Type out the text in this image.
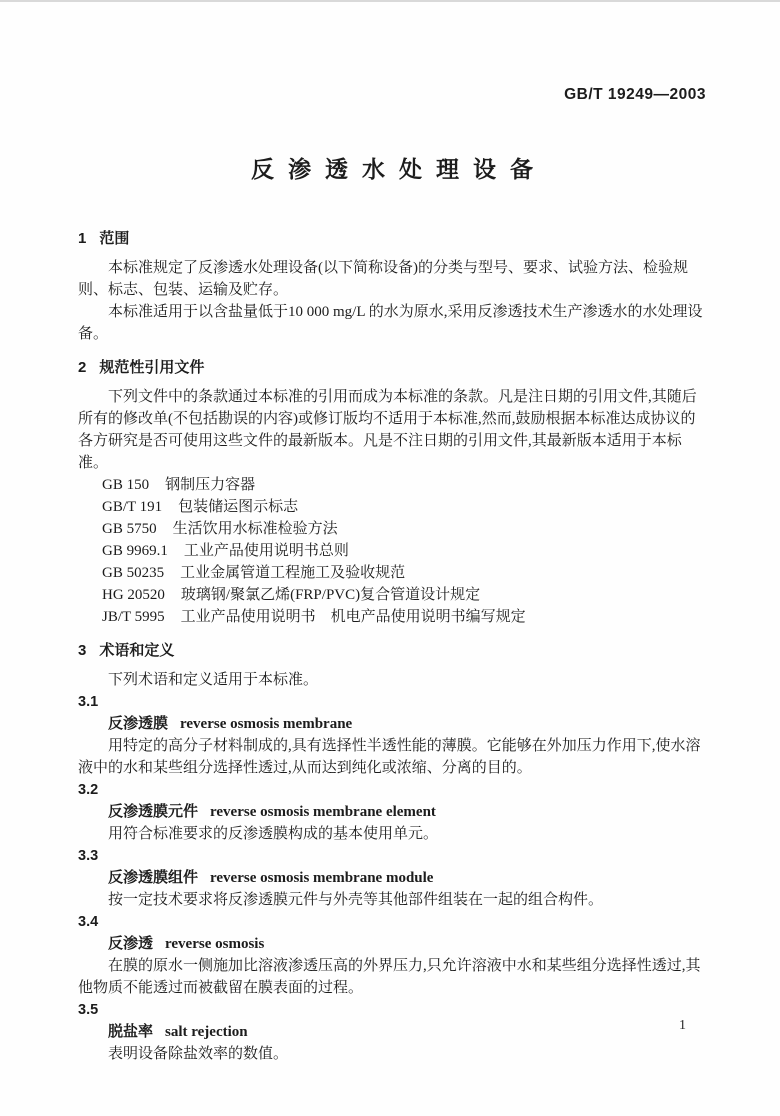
GB/T 19249—2003
反渗透水处理设备
1 范围

本标准规定了反渗透水处理设备(以下简称设备)的分类与型号、要求、试验方法、检验规则、标志、包装、运输及贮存。

本标准适用于以含盐量低于10 000 mg/L 的水为原水,采用反渗透技术生产渗透水的水处理设备。

2 规范性引用文件

下列文件中的条款通过本标准的引用而成为本标准的条款。凡是注日期的引用文件,其随后所有的修改单(不包括勘误的内容)或修订版均不适用于本标准,然而,鼓励根据本标准达成协议的各方研究是否可使用这些文件的最新版本。凡是不注日期的引用文件,其最新版本适用于本标准。

GB 150 钢制压力容器
GB/T 191 包装储运图示标志
GB 5750 生活饮用水标准检验方法
GB 9969.1 工业产品使用说明书总则
GB 50235 工业金属管道工程施工及验收规范
HG 20520 玻璃钢/聚氯乙烯(FRP/PVC)复合管道设计规定
JB/T 5995 工业产品使用说明书　机电产品使用说明书编写规定
3 术语和定义

下列术语和定义适用于本标准。

3.1
反渗透膜 reverse osmosis membrane

用特定的高分子材料制成的,具有选择性半透性能的薄膜。它能够在外加压力作用下,使水溶液中的水和某些组分选择性透过,从而达到纯化或浓缩、分离的目的。

3.2
反渗透膜元件 reverse osmosis membrane element

用符合标准要求的反渗透膜构成的基本使用单元。

3.3
反渗透膜组件 reverse osmosis membrane module

按一定技术要求将反渗透膜元件与外壳等其他部件组装在一起的组合构件。

3.4
反渗透 reverse osmosis

在膜的原水一侧施加比溶液渗透压高的外界压力,只允许溶液中水和某些组分选择性透过,其他物质不能透过而被截留在膜表面的过程。

3.5
脱盐率 salt rejection

表明设备除盐效率的数值。

1
